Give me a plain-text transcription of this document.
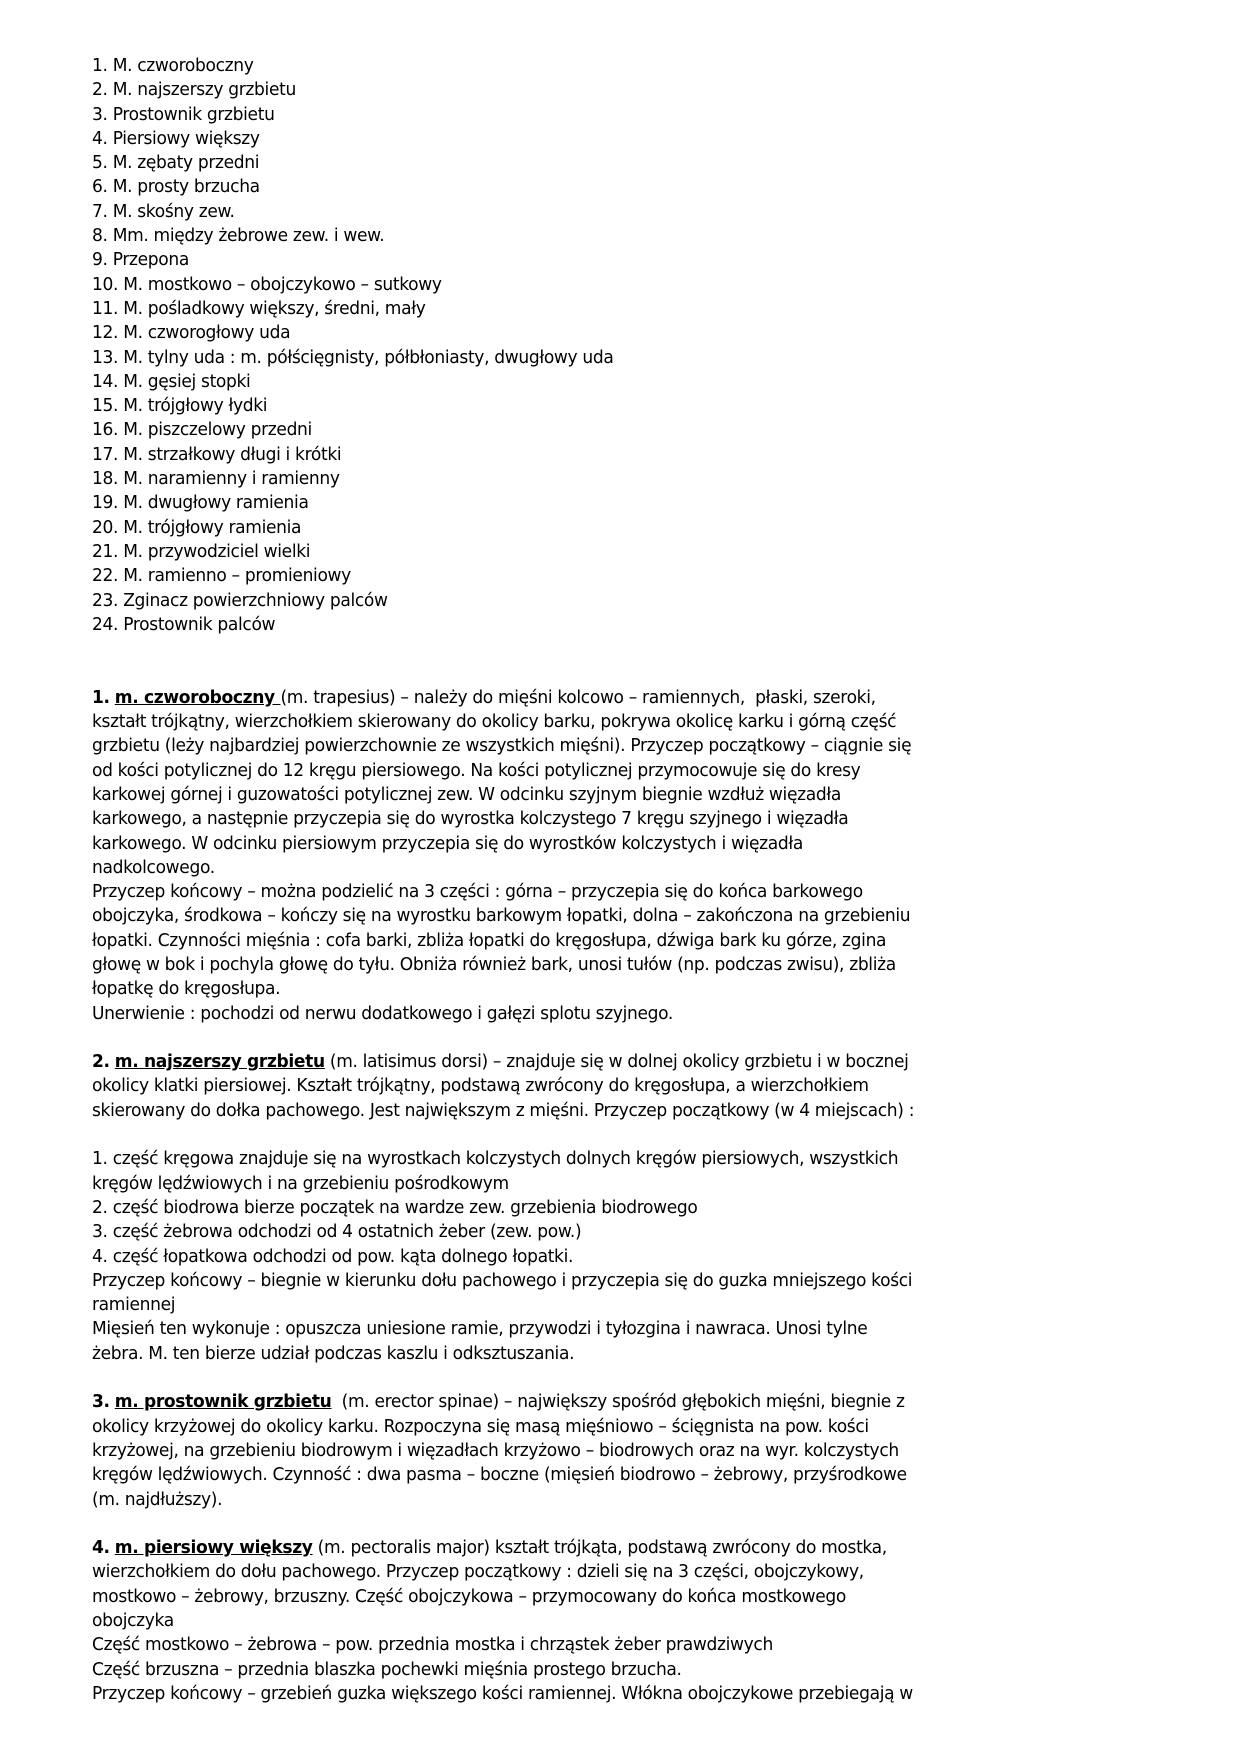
1. M. czworoboczny
2. M. najszerszy grzbietu
3. Prostownik grzbietu
4. Piersiowy większy
5. M. zębaty przedni
6. M. prosty brzucha
7. M. skośny zew.
8. Mm. między żebrowe zew. i wew.
9. Przepona
10. M. mostkowo – obojczykowo – sutkowy
11. M. pośladkowy większy, średni, mały
12. M. czworogłowy uda
13. M. tylny uda : m. półścięgnisty, półbłoniasty, dwugłowy uda
14. M. gęsiej stopki
15. M. trójgłowy łydki
16. M. piszczelowy przedni
17. M. strzałkowy długi i krótki
18. M. naramienny i ramienny
19. M. dwugłowy ramienia
20. M. trójgłowy ramienia
21. M. przywodziciel wielki
22. M. ramienno – promieniowy
23. Zginacz powierzchniowy palców
24. Prostownik palców
1. m. czworoboczny (m. trapesius) – należy do mięśni kolcowo – ramiennych,  płaski, szeroki,
kształt trójkątny, wierzchołkiem skierowany do okolicy barku, pokrywa okolicę karku i górną część
grzbietu (leży najbardziej powierzchownie ze wszystkich mięśni). Przyczep początkowy – ciągnie się
od kości potylicznej do 12 kręgu piersiowego. Na kości potylicznej przymocowuje się do kresy
karkowej górnej i guzowatości potylicznej zew. W odcinku szyjnym biegnie wzdłuż więzadła
karkowego, a następnie przyczepia się do wyrostka kolczystego 7 kręgu szyjnego i więzadła
karkowego. W odcinku piersiowym przyczepia się do wyrostków kolczystych i więzadła
nadkolcowego.
Przyczep końcowy – można podzielić na 3 części : górna – przyczepia się do końca barkowego
obojczyka, środkowa – kończy się na wyrostku barkowym łopatki, dolna – zakończona na grzebieniu
łopatki. Czynności mięśnia : cofa barki, zbliża łopatki do kręgosłupa, dźwiga bark ku górze, zgina
głowę w bok i pochyla głowę do tyłu. Obniża również bark, unosi tułów (np. podczas zwisu), zbliża
łopatkę do kręgosłupa.
Unerwienie : pochodzi od nerwu dodatkowego i gałęzi splotu szyjnego.
2. m. najszerszy grzbietu (m. latisimus dorsi) – znajduje się w dolnej okolicy grzbietu i w bocznej
okolicy klatki piersiowej. Kształt trójkątny, podstawą zwrócony do kręgosłupa, a wierzchołkiem
skierowany do dołka pachowego. Jest największym z mięśni. Przyczep początkowy (w 4 miejscach) :
1. część kręgowa znajduje się na wyrostkach kolczystych dolnych kręgów piersiowych, wszystkich
kręgów lędźwiowych i na grzebieniu pośrodkowym
2. część biodrowa bierze początek na wardze zew. grzebienia biodrowego
3. część żebrowa odchodzi od 4 ostatnich żeber (zew. pow.)
4. część łopatkowa odchodzi od pow. kąta dolnego łopatki.
Przyczep końcowy – biegnie w kierunku dołu pachowego i przyczepia się do guzka mniejszego kości
ramiennej
Mięsień ten wykonuje : opuszcza uniesione ramie, przywodzi i tyłozgina i nawraca. Unosi tylne
żebra. M. ten bierze udział podczas kaszlu i odksztuszania.
3. m. prostownik grzbietu  (m. erector spinae) – największy spośród głębokich mięśni, biegnie z
okolicy krzyżowej do okolicy karku. Rozpoczyna się masą mięśniowo – ścięgnista na pow. kości
krzyżowej, na grzebieniu biodrowym i więzadłach krzyżowo – biodrowych oraz na wyr. kolczystych
kręgów lędźwiowych. Czynność : dwa pasma – boczne (mięsień biodrowo – żebrowy, przyśrodkowe
(m. najdłuższy).
4. m. piersiowy większy (m. pectoralis major) kształt trójkąta, podstawą zwrócony do mostka,
wierzchołkiem do dołu pachowego. Przyczep początkowy : dzieli się na 3 części, obojczykowy,
mostkowo – żebrowy, brzuszny. Część obojczykowa – przymocowany do końca mostkowego
obojczyka
Część mostkowo – żebrowa – pow. przednia mostka i chrząstek żeber prawdziwych
Część brzuszna – przednia blaszka pochewki mięśnia prostego brzucha.
Przyczep końcowy – grzebień guzka większego kości ramiennej. Włókna obojczykowe przebiegają w
